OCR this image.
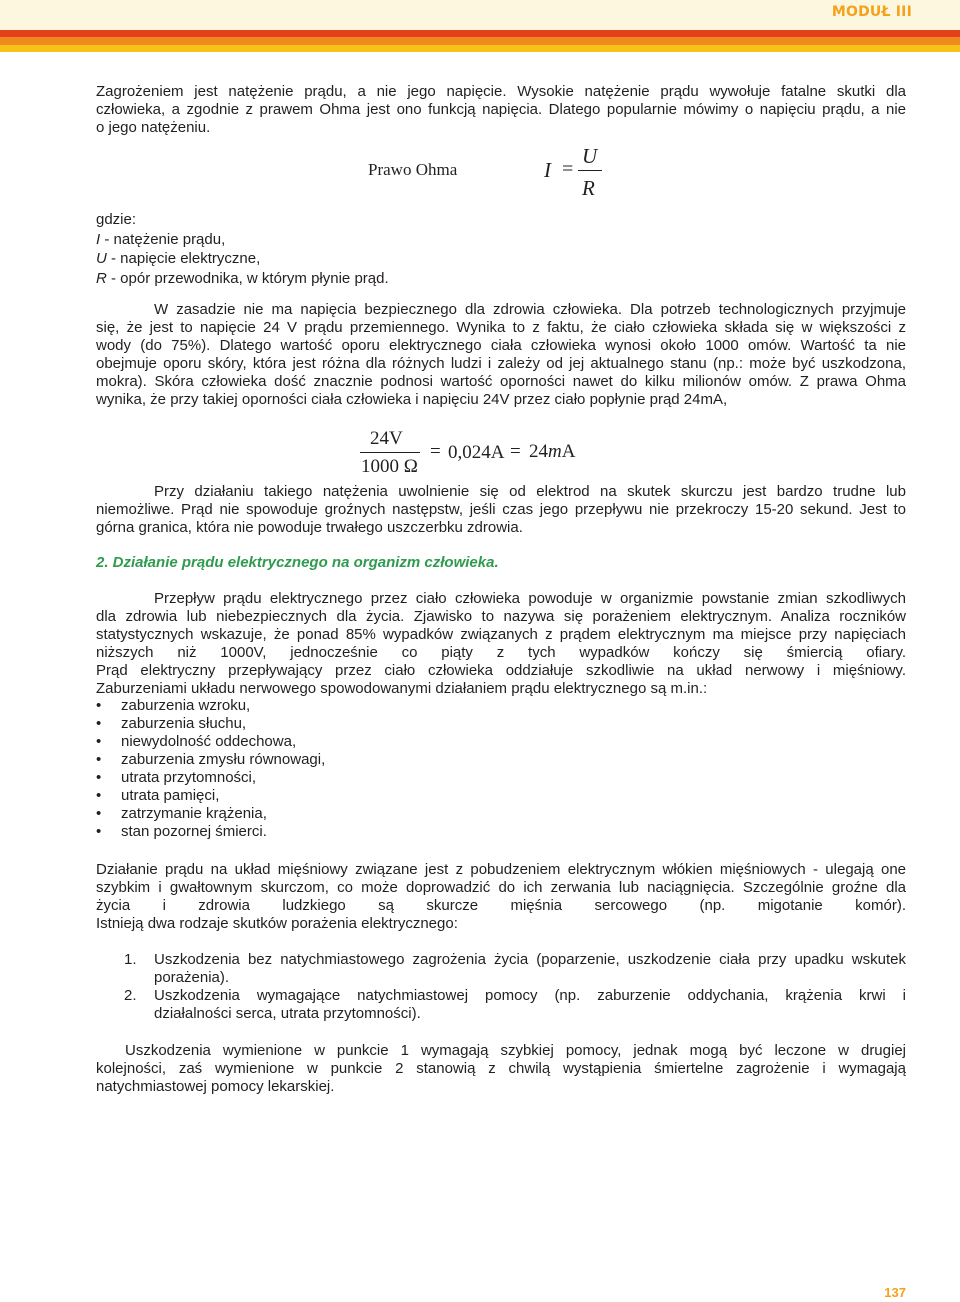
MODUŁ III
Zagrożeniem jest natężenie prądu, a nie jego napięcie. Wysokie natężenie prądu wywołuje fatalne skutki dla
człowieka, a zgodnie z prawem Ohma jest ono funkcją napięcia. Dlatego popularnie mówimy o napięciu prądu, a nie
o jego natężeniu.
Prawo Ohma	I =
U
R
gdzie:
I - natężenie prądu,
U - napięcie elektryczne,
R - opór przewodnika, w którym płynie prąd.
W zasadzie nie ma napięcia bezpiecznego dla zdrowia człowieka. Dla potrzeb technologicznych przyjmuje
się, że jest to napięcie 24 V prądu przemiennego. Wynika to z faktu, że ciało człowieka składa się w większości z
wody (do 75%). Dlatego wartość oporu elektrycznego ciała człowieka wynosi około 1000 omów. Wartość ta nie
obejmuje oporu skóry, która jest różna dla różnych ludzi i zależy od jej aktualnego stanu (np.: może być uszkodzona,
mokra). Skóra człowieka dość znacznie podnosi wartość oporności nawet do kilku milionów omów. Z prawa Ohma
wynika, że przy takiej oporności ciała człowieka i napięciu 24V przez ciało popłynie prąd 24mA,
24V
1000 Ω
= 0,024A = 24mA
Przy działaniu takiego natężenia uwolnienie się od elektrod na skutek skurczu jest bardzo trudne lub
niemożliwe. Prąd nie spowoduje groźnych następstw, jeśli czas jego przepływu nie przekroczy 15-20 sekund. Jest to
górna granica, która nie powoduje trwałego uszczerbku zdrowia.
2. Działanie prądu elektrycznego na organizm człowieka.
Przepływ prądu elektrycznego przez ciało człowieka powoduje w organizmie powstanie zmian szkodliwych
dla zdrowia lub niebezpiecznych dla życia. Zjawisko to nazywa się porażeniem elektrycznym. Analiza roczników
statystycznych wskazuje, że ponad 85% wypadków związanych z prądem elektrycznym ma miejsce przy napięciach
niższych niż 1000V, jednocześnie co piąty z tych wypadków kończy się śmiercią ofiary.
Prąd elektryczny przepływający przez ciało człowieka oddziałuje szkodliwie na układ nerwowy i mięśniowy.
Zaburzeniami układu nerwowego spowodowanymi działaniem prądu elektrycznego są m.in.:
• zaburzenia wzroku,
• zaburzenia słuchu,
• niewydolność oddechowa,
• zaburzenia zmysłu równowagi,
• utrata przytomności,
• utrata pamięci,
• zatrzymanie krążenia,
• stan pozornej śmierci.
Działanie prądu na układ mięśniowy związane jest z pobudzeniem elektrycznym włókien mięśniowych - ulegają one
szybkim i gwałtownym skurczom, co może doprowadzić do ich zerwania lub naciągnięcia. Szczególnie groźne dla
życia i zdrowia ludzkiego są skurcze mięśnia sercowego (np. migotanie komór).
Istnieją dwa rodzaje skutków porażenia elektrycznego:
1. Uszkodzenia bez natychmiastowego zagrożenia życia (poparzenie, uszkodzenie ciała przy upadku wskutek
porażenia).
2. Uszkodzenia wymagające natychmiastowej pomocy (np. zaburzenie oddychania, krążenia krwi i
działalności serca, utrata przytomności).
Uszkodzenia wymienione w punkcie 1 wymagają szybkiej pomocy, jednak mogą być leczone w drugiej
kolejności, zaś wymienione w punkcie 2 stanowią z chwilą wystąpienia śmiertelne zagrożenie i wymagają
natychmiastowej pomocy lekarskiej.
137
